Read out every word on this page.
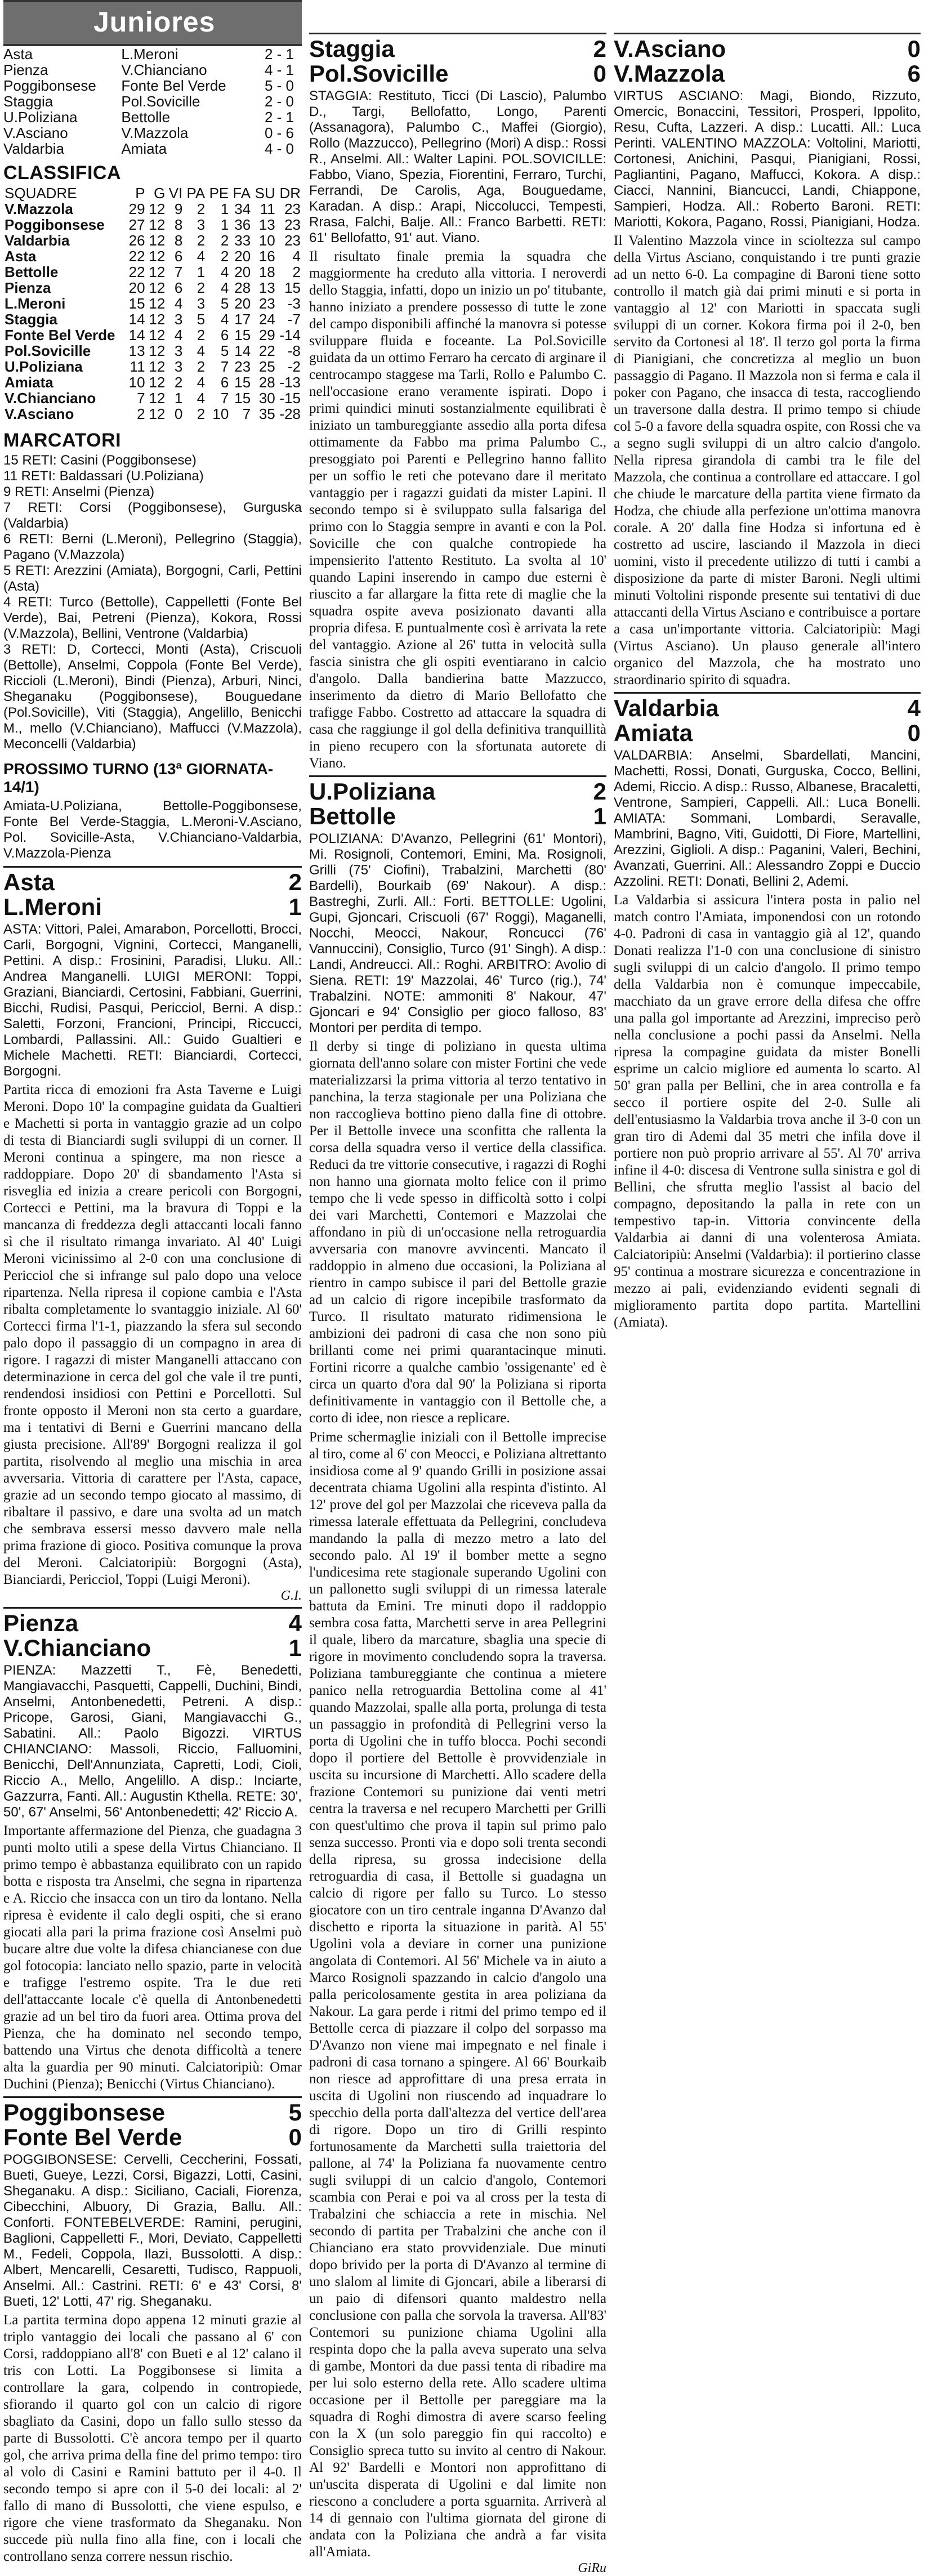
Juniores
Asta	L.Meroni	2 - 1
Pienza	V.Chianciano	4 - 1
Poggibonsese	Fonte Bel Verde	5 - 0
Staggia	Pol.Sovicille	2 - 0
U.Poliziana	Bettolle	2 - 1
V.Asciano	V.Mazzola	0 - 6
Valdarbia	Amiata	4 - 0
CLASSIFICA
SQUADRE	P	G	VI	PA	PE	FA	SU	DR
V.Mazzola	29	12	9	2	1	34	11	23
Poggibonsese	27	12	8	3	1	36	13	23
Valdarbia	26	12	8	2	2	33	10	23
Asta	22	12	6	4	2	20	16	4
Bettolle	22	12	7	1	4	20	18	2
Pienza	20	12	6	2	4	28	13	15
L.Meroni	15	12	4	3	5	20	23	-3
Staggia	14	12	3	5	4	17	24	-7
Fonte Bel Verde	14	12	4	2	6	15	29	-14
Pol.Sovicille	13	12	3	4	5	14	22	-8
U.Poliziana	11	12	3	2	7	23	25	-2
Amiata	10	12	2	4	6	15	28	-13
V.Chianciano	7	12	1	4	7	15	30	-15
V.Asciano	2	12	0	2	10	7	35	-28
MARCATORI
15 RETI: Casini (Poggibonsese)
11 RETI: Baldassari (U.Poliziana)
9 RETI: Anselmi (Pienza)
7 RETI: Corsi (Poggibonsese), Gurguska (Valdarbia)
6 RETI: Berni (L.Meroni), Pellegrino (Staggia), Pagano (V.Mazzola)
5 RETI: Arezzini (Amiata), Borgogni, Carli, Pettini (Asta)
4 RETI: Turco (Bettolle), Cappelletti (Fonte Bel Verde), Bai, Petreni (Pienza), Kokora, Rossi (V.Mazzola), Bellini, Ventrone (Valdarbia)
3 RETI: D, Cortecci, Monti (Asta), Criscuoli (Bettolle), Anselmi, Coppola (Fonte Bel Verde), Riccioli (L.Meroni), Bindi (Pienza), Arburi, Ninci, Sheganaku (Poggibonsese), Bouguedane (Pol.Sovicille), Viti (Staggia), Angelillo, Benicchi M., mello (V.Chianciano), Maffucci (V.Mazzola), Meconcelli (Valdarbia)
PROSSIMO TURNO (13ª GIORNATA-14/1)
Amiata-U.Poliziana, Bettolle-Poggibonsese, Fonte Bel Verde-Staggia, L.Meroni-V.Asciano, Pol. Sovicille-Asta, V.Chianciano-Valdarbia, V.Mazzola-Pienza
Asta	2
L.Meroni	1
ASTA: Vittori, Palei, Amarabon, Porcellotti, Brocci, Carli, Borgogni, Vignini, Cortecci, Manganelli, Pettini. A disp.: Frosinini, Paradisi, Lluku. All.: Andrea Manganelli. LUIGI MERONI: Toppi, Graziani, Bianciardi, Certosini, Fabbiani, Guerrini, Bicchi, Rudisi, Pasqui, Pericciol, Berni. A disp.: Saletti, Forzoni, Francioni, Principi, Riccucci, Lombardi, Pallassini. All.: Guido Gualtieri e Michele Machetti. RETI: Bianciardi, Cortecci, Borgogni.
Partita ricca di emozioni fra Asta Taverne e Luigi Meroni. Dopo 10' la compagine guidata da Gualtieri e Machetti si porta in vantaggio grazie ad un colpo di testa di Bianciardi sugli sviluppi di un corner. Il Meroni continua a spingere, ma non riesce a raddoppiare. Dopo 20' di sbandamento l'Asta si risveglia ed inizia a creare pericoli con Borgogni, Cortecci e Pettini, ma la bravura di Toppi e la mancanza di freddezza degli attaccanti locali fanno sì che il risultato rimanga invariato. Al 40' Luigi Meroni vicinissimo al 2-0 con una conclusione di Pericciol che si infrange sul palo dopo una veloce ripartenza. Nella ripresa il copione cambia e l'Asta ribalta completamente lo svantaggio iniziale. Al 60' Cortecci firma l'1-1, piazzando la sfera sul secondo palo dopo il passaggio di un compagno in area di rigore. I ragazzi di mister Manganelli attaccano con determinazione in cerca del gol che vale il tre punti, rendendosi insidiosi con Pettini e Porcellotti. Sul fronte opposto il Meroni non sta certo a guardare, ma i tentativi di Berni e Guerrini mancano della giusta precisione. All'89' Borgogni realizza il gol partita, risolvendo al meglio una mischia in area avversaria. Vittoria di carattere per l'Asta, capace, grazie ad un secondo tempo giocato al massimo, di ribaltare il passivo, e dare una svolta ad un match che sembrava essersi messo davvero male nella prima frazione di gioco. Positiva comunque la prova del Meroni. Calciatoripiù: Borgogni (Asta), Bianciardi, Pericciol, Toppi (Luigi Meroni).
G.I.
Pienza	4
V.Chianciano	1
PIENZA: Mazzetti T., Fè, Benedetti, Mangiavacchi, Pasquetti, Cappelli, Duchini, Bindi, Anselmi, Antonbenedetti, Petreni. A disp.: Pricope, Garosi, Giani, Mangiavacchi G., Sabatini. All.: Paolo Bigozzi. VIRTUS CHIANCIANO: Massoli, Riccio, Falluomini, Benicchi, Dell'Annunziata, Capretti, Lodi, Cioli, Riccio A., Mello, Angelillo. A disp.: Inciarte, Gazzurra, Fanti. All.: Augustin Kthella. RETE: 30', 50', 67' Anselmi, 56' Antonbenedetti; 42' Riccio A.
Importante affermazione del Pienza, che guadagna 3 punti molto utili a spese della Virtus Chianciano. Il primo tempo è abbastanza equilibrato con un rapido botta e risposta tra Anselmi, che segna in ripartenza e A. Riccio che insacca con un tiro da lontano. Nella ripresa è evidente il calo degli ospiti, che si erano giocati alla pari la prima frazione così Anselmi può bucare altre due volte la difesa chiancianese con due gol fotocopia: lanciato nello spazio, parte in velocità e trafigge l'estremo ospite. Tra le due reti dell'attaccante locale c'è quella di Antonbenedetti grazie ad un bel tiro da fuori area. Ottima prova del Pienza, che ha dominato nel secondo tempo, battendo una Virtus che denota difficoltà a tenere alta la guardia per 90 minuti. Calciatoripiù: Omar Duchini (Pienza); Benicchi (Virtus Chianciano).
Poggibonsese	5
Fonte Bel Verde	0
POGGIBONSESE: Cervelli, Ceccherini, Fossati, Bueti, Gueye, Lezzi, Corsi, Bigazzi, Lotti, Casini, Sheganaku. A disp.: Siciliano, Caciali, Fiorenza, Cibecchini, Albuory, Di Grazia, Ballu. All.: Conforti. FONTEBELVERDE: Ramini, perugini, Baglioni, Cappelletti F., Mori, Deviato, Cappelletti M., Fedeli, Coppola, Ilazi, Bussolotti. A disp.: Albert, Mencarelli, Cesaretti, Tudisco, Rappuoli, Anselmi. All.: Castrini. RETI: 6' e 43' Corsi, 8' Bueti, 12' Lotti, 47' rig. Sheganaku.
La partita termina dopo appena 12 minuti grazie al triplo vantaggio dei locali che passano al 6' con Corsi, raddoppiano all'8' con Bueti e al 12' calano il tris con Lotti. La Poggibonsese si limita a controllare la gara, colpendo in contropiede, sfiorando il quarto gol con un calcio di rigore sbagliato da Casini, dopo un fallo sullo stesso da parte di Bussolotti. C'è ancora tempo per il quarto gol, che arriva prima della fine del primo tempo: tiro al volo di Casini e Ramini battuto per il 4-0. Il secondo tempo si apre con il 5-0 dei locali: al 2' fallo di mano di Bussolotti, che viene espulso, e rigore che viene trasformato da Sheganaku. Non succede più nulla fino alla fine, con i locali che controllano senza correre nessun rischio.
Staggia	2
Pol.Sovicille	0
STAGGIA: Restituto, Ticci (Di Lascio), Palumbo D., Targi, Bellofatto, Longo, Parenti (Assanagora), Palumbo C., Maffei (Giorgio), Rollo (Mazzucco), Pellegrino (Mori) A disp.: Rossi R., Anselmi. All.: Walter Lapini. POL.SOVICILLE: Fabbo, Viano, Spezia, Fiorentini, Ferraro, Turchi, Ferrandi, De Carolis, Aga, Bouguedame, Karadan. A disp.: Arapi, Niccolucci, Tempesti, Rrasa, Falchi, Balje. All.: Franco Barbetti. RETI: 61' Bellofatto, 91' aut. Viano.
Il risultato finale premia la squadra che maggiormente ha creduto alla vittoria. I neroverdi dello Staggia, infatti, dopo un inizio un po' titubante, hanno iniziato a prendere possesso di tutte le zone del campo disponibili affinché la manovra si potesse sviluppare fluida e foceante. La Pol.Sovicille guidata da un ottimo Ferraro ha cercato di arginare il centrocampo staggese ma Tarli, Rollo e Palumbo C. nell'occasione erano veramente ispirati. Dopo i primi quindici minuti sostanzialmente equilibrati è iniziato un tambureggiante assedio alla porta difesa ottimamente da Fabbo ma prima Palumbo C., presoggiato poi Parenti e Pellegrino hanno fallito per un soffio le reti che potevano dare il meritato vantaggio per i ragazzi guidati da mister Lapini. Il secondo tempo si è sviluppato sulla falsariga del primo con lo Staggia sempre in avanti e con la Pol. Sovicille che con qualche contropiede ha impensierito l'attento Restituto. La svolta al 10' quando Lapini inserendo in campo due esterni è riuscito a far allargare la fitta rete di maglie che la squadra ospite aveva posizionato davanti alla propria difesa. E puntualmente così è arrivata la rete del vantaggio. Azione al 26' tutta in velocità sulla fascia sinistra che gli ospiti eventiarano in calcio d'angolo. Dalla bandierina batte Mazzucco, inserimento da dietro di Mario Bellofatto che trafigge Fabbo. Costretto ad attaccare la squadra di casa che raggiunge il gol della definitiva tranquillità in pieno recupero con la sfortunata autorete di Viano.
U.Poliziana	2
Bettolle	1
POLIZIANA: D'Avanzo, Pellegrini (61' Montori), Mi. Rosignoli, Contemori, Emini, Ma. Rosignoli, Grilli (75' Ciofini), Trabalzini, Marchetti (80' Bardelli), Bourkaib (69' Nakour). A disp.: Bastreghi, Zurli. All.: Forti. BETTOLLE: Ugolini, Gupi, Gjoncari, Criscuoli (67' Roggi), Maganelli, Nocchi, Meocci, Nakour, Roncucci (76' Vannuccini), Consiglio, Turco (91' Singh). A disp.: Landi, Andreucci. All.: Roghi. ARBITRO: Avolio di Siena. RETI: 19' Mazzolai, 46' Turco (rig.), 74' Trabalzini. NOTE: ammoniti 8' Nakour, 47' Gjoncari e 94' Consiglio per gioco falloso, 83' Montori per perdita di tempo.
Il derby si tinge di poliziano in questa ultima giornata dell'anno solare con mister Fortini che vede materializzarsi la prima vittoria al terzo tentativo in panchina, la terza stagionale per una Poliziana che non raccoglieva bottino pieno dalla fine di ottobre. Per il Bettolle invece una sconfitta che rallenta la corsa della squadra verso il vertice della classifica. Reduci da tre vittorie consecutive, i ragazzi di Roghi non hanno una giornata molto felice con il primo tempo che li vede spesso in difficoltà sotto i colpi dei vari Marchetti, Contemori e Mazzolai che affondano in più di un'occasione nella retroguardia avversaria con manovre avvincenti. Mancato il raddoppio in almeno due occasioni, la Poliziana al rientro in campo subisce il pari del Bettolle grazie ad un calcio di rigore incepibile trasformato da Turco. Il risultato maturato ridimensiona le ambizioni dei padroni di casa che non sono più brillanti come nei primi quarantacinque minuti. Fortini ricorre a qualche cambio 'ossigenante' ed è circa un quarto d'ora dal 90' la Poliziana si riporta definitivamente in vantaggio con il Bettolle che, a corto di idee, non riesce a replicare.
Prime schermaglie iniziali con il Bettolle imprecise al tiro, come al 6' con Meocci, e Poliziana altrettanto insidiosa come al 9' quando Grilli in posizione assai decentrata chiama Ugolini alla respinta d'istinto. Al 12' prove del gol per Mazzolai che riceveva palla da rimessa laterale effettuata da Pellegrini, concludeva mandando la palla di mezzo metro a lato del secondo palo. Al 19' il bomber mette a segno l'undicesima rete stagionale superando Ugolini con un pallonetto sugli sviluppi di un rimessa laterale battuta da Emini. Tre minuti dopo il raddoppio sembra cosa fatta, Marchetti serve in area Pellegrini il quale, libero da marcature, sbaglia una specie di rigore in movimento concludendo sopra la traversa. Poliziana tambureggiante che continua a mietere panico nella retroguardia Bettolina come al 41' quando Mazzolai, spalle alla porta, prolunga di testa un passaggio in profondità di Pellegrini verso la porta di Ugolini che in tuffo blocca. Pochi secondi dopo il portiere del Bettolle è provvidenziale in uscita su incursione di Marchetti. Allo scadere della frazione Contemori su punizione dai venti metri centra la traversa e nel recupero Marchetti per Grilli con quest'ultimo che prova il tapin sul primo palo senza successo. Pronti via e dopo soli trenta secondi della ripresa, su grossa indecisione della retroguardia di casa, il Bettolle si guadagna un calcio di rigore per fallo su Turco. Lo stesso giocatore con un tiro centrale inganna D'Avanzo dal dischetto e riporta la situazione in parità. Al 55' Ugolini vola a deviare in corner una punizione angolata di Contemori. Al 56' Michele va in aiuto a Marco Rosignoli spazzando in calcio d'angolo una palla pericolosamente gestita in area poliziana da Nakour. La gara perde i ritmi del primo tempo ed il Bettolle cerca di piazzare il colpo del sorpasso ma D'Avanzo non viene mai impegnato e nel finale i padroni di casa tornano a spingere. Al 66' Bourkaib non riesce ad approfittare di una presa errata in uscita di Ugolini non riuscendo ad inquadrare lo specchio della porta dall'altezza del vertice dell'area di rigore. Dopo un tiro di Grilli respinto fortunosamente da Marchetti sulla traiettoria del pallone, al 74' la Poliziana fa nuovamente centro sugli sviluppi di un calcio d'angolo, Contemori scambia con Perai e poi va al cross per la testa di Trabalzini che schiaccia a rete in mischia. Nel secondo di partita per Trabalzini che anche con il Chianciano era stato provvidenziale. Due minuti dopo brivido per la porta di D'Avanzo al termine di uno slalom al limite di Gjoncari, abile a liberarsi di un paio di difensori quanto maldestro nella conclusione con palla che sorvola la traversa. All'83' Contemori su punizione chiama Ugolini alla respinta dopo che la palla aveva superato una selva di gambe, Montori da due passi tenta di ribadire ma per lui solo esterno della rete. Allo scadere ultima occasione per il Bettolle per pareggiare ma la squadra di Roghi dimostra di avere scarso feeling con la X (un solo pareggio fin qui raccolto) e Consiglio spreca tutto su invito al centro di Nakour. Al 92' Bardelli e Montori non approfittano di un'uscita disperata di Ugolini e dal limite non riescono a concludere a porta sguarnita. Arriverà al 14 di gennaio con l'ultima giornata del girone di andata con la Poliziana che andrà a far visita all'Amiata.
GiRu
V.Asciano	0
V.Mazzola	6
VIRTUS ASCIANO: Magi, Biondo, Rizzuto, Omercic, Bonaccini, Tessitori, Prosperi, Ippolito, Resu, Cufta, Lazzeri. A disp.: Lucatti. All.: Luca Perinti. VALENTINO MAZZOLA: Voltolini, Mariotti, Cortonesi, Anichini, Pasqui, Pianigiani, Rossi, Pagliantini, Pagano, Maffucci, Kokora. A disp.: Ciacci, Nannini, Biancucci, Landi, Chiappone, Sampieri, Hodza. All.: Roberto Baroni. RETI: Mariotti, Kokora, Pagano, Rossi, Pianigiani, Hodza.
Il Valentino Mazzola vince in scioltezza sul campo della Virtus Asciano, conquistando i tre punti grazie ad un netto 6-0. La compagine di Baroni tiene sotto controllo il match già dai primi minuti e si porta in vantaggio al 12' con Mariotti in spaccata sugli sviluppi di un corner. Kokora firma poi il 2-0, ben servito da Cortonesi al 18'. Il terzo gol porta la firma di Pianigiani, che concretizza al meglio un buon passaggio di Pagano. Il Mazzola non si ferma e cala il poker con Pagano, che insacca di testa, raccogliendo un traversone dalla destra. Il primo tempo si chiude col 5-0 a favore della squadra ospite, con Rossi che va a segno sugli sviluppi di un altro calcio d'angolo. Nella ripresa girandola di cambi tra le file del Mazzola, che continua a controllare ed attaccare. I gol che chiude le marcature della partita viene firmato da Hodza, che chiude alla perfezione un'ottima manovra corale. A 20' dalla fine Hodza si infortuna ed è costretto ad uscire, lasciando il Mazzola in dieci uomini, visto il precedente utilizzo di tutti i cambi a disposizione da parte di mister Baroni. Negli ultimi minuti Voltolini risponde presente sui tentativi di due attaccanti della Virtus Asciano e contribuisce a portare a casa un'importante vittoria. Calciatoripiù: Magi (Virtus Asciano). Un plauso generale all'intero organico del Mazzola, che ha mostrato uno straordinario spirito di squadra.
Valdarbia	4
Amiata	0
VALDARBIA: Anselmi, Sbardellati, Mancini, Machetti, Rossi, Donati, Gurguska, Cocco, Bellini, Ademi, Riccio. A disp.: Russo, Albanese, Bracaletti, Ventrone, Sampieri, Cappelli. All.: Luca Bonelli. AMIATA: Sommani, Lombardi, Seravalle, Mambrini, Bagno, Viti, Guidotti, Di Fiore, Martellini, Arezzini, Giglioli. A disp.: Paganini, Valeri, Bechini, Avanzati, Guerrini. All.: Alessandro Zoppi e Duccio Azzolini. RETI: Donati, Bellini 2, Ademi.
La Valdarbia si assicura l'intera posta in palio nel match contro l'Amiata, imponendosi con un rotondo 4-0. Padroni di casa in vantaggio già al 12', quando Donati realizza l'1-0 con una conclusione di sinistro sugli sviluppi di un calcio d'angolo. Il primo tempo della Valdarbia non è comunque impeccabile, macchiato da un grave errore della difesa che offre una palla gol importante ad Arezzini, impreciso però nella conclusione a pochi passi da Anselmi. Nella ripresa la compagine guidata da mister Bonelli esprime un calcio migliore ed aumenta lo scarto. Al 50' gran palla per Bellini, che in area controlla e fa secco il portiere ospite del 2-0. Sulle ali dell'entusiasmo la Valdarbia trova anche il 3-0 con un gran tiro di Ademi dal 35 metri che infila dove il portiere non può proprio arrivare al 55'. Al 70' arriva infine il 4-0: discesa di Ventrone sulla sinistra e gol di Bellini, che sfrutta meglio l'assist al bacio del compagno, depositando la palla in rete con un tempestivo tap-in. Vittoria convincente della Valdarbia ai danni di una volenterosa Amiata. Calciatoripiù: Anselmi (Valdarbia): il portierino classe 95' continua a mostrare sicurezza e concentrazione in mezzo ai pali, evidenziando evidenti segnali di miglioramento partita dopo partita. Martellini (Amiata).
